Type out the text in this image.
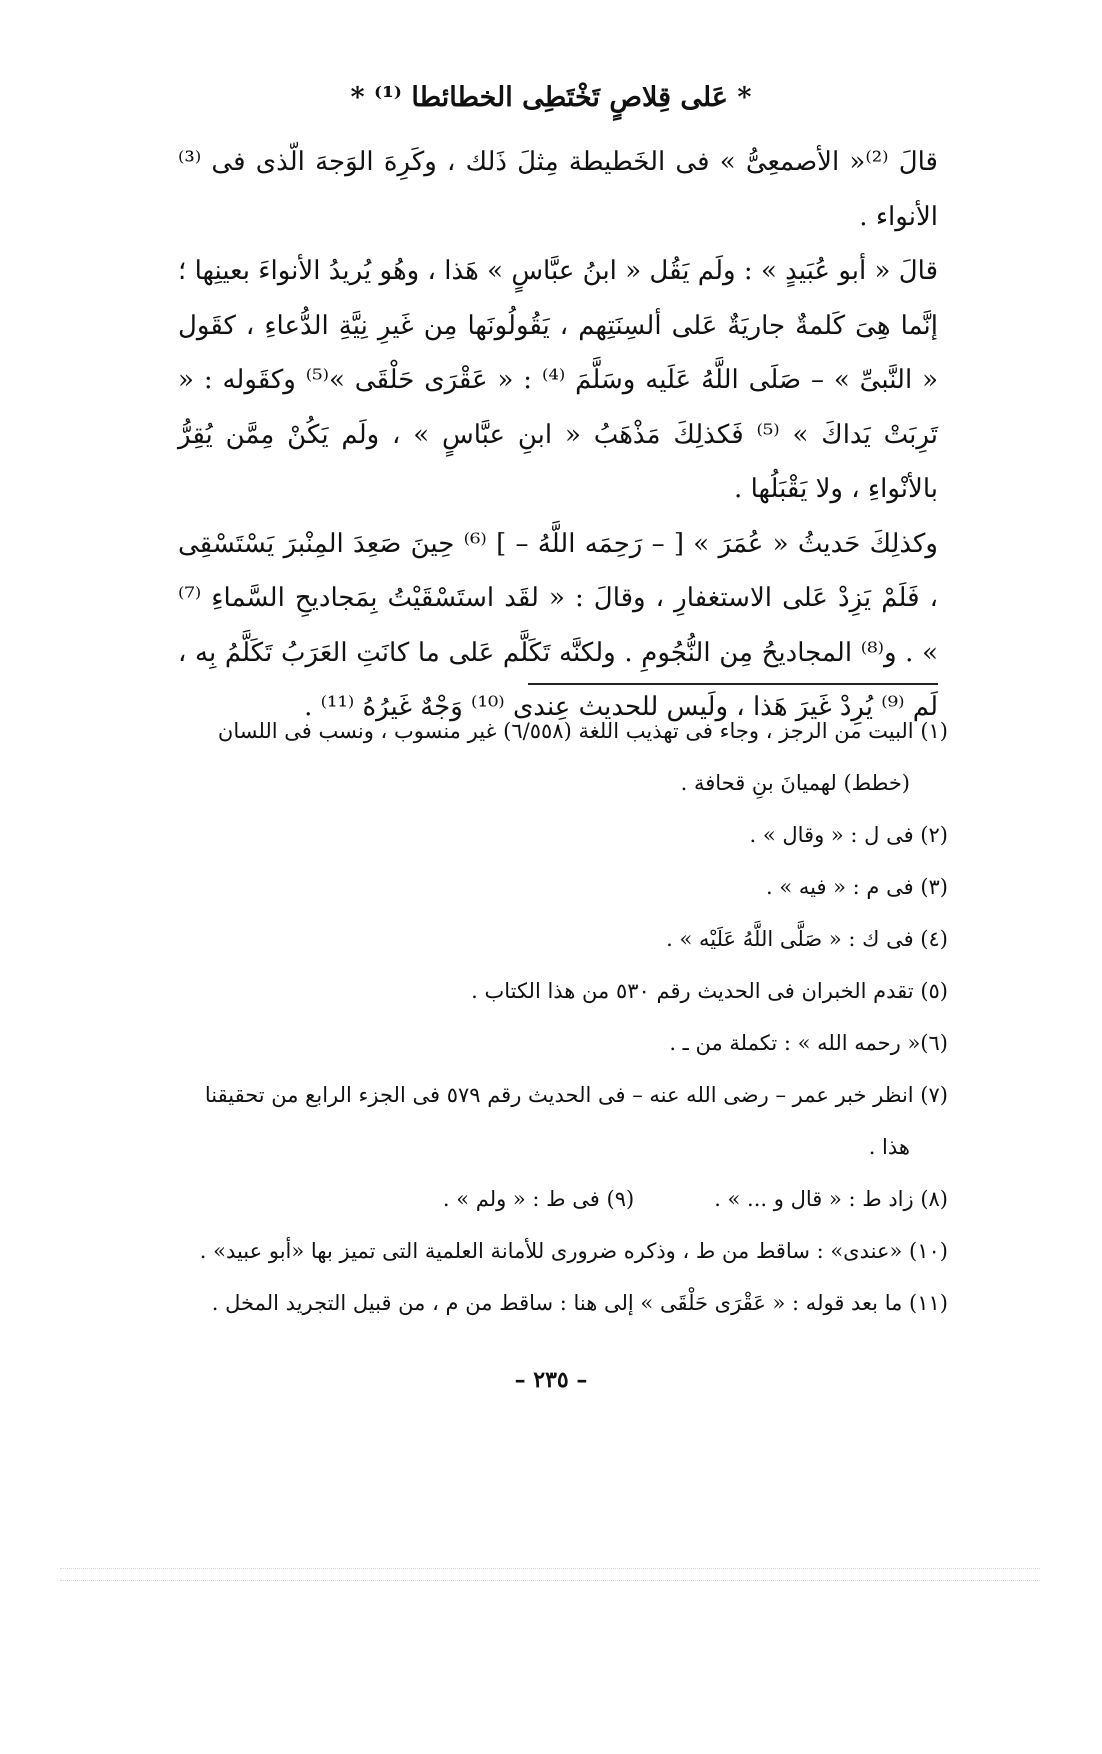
* عَلى قِلاصٍ تَخْتَطِى الخطائطا ⁽¹⁾ *

قالَ ⁽²⁾« الأصمعِىُّ » فى الخَطيطة مِثلَ ذَلك ، وكَرِهَ الوَجهَ الّذى فى ⁽³⁾ الأنواء .

قالَ « أبو عُبَيدٍ » : ولَم يَقُل « ابنُ عبَّاسٍ » هَذا ، وهُو يُريدُ الأنواءَ بعينِها ؛ إنَّما هِىَ كَلمةٌ جاريَةٌ عَلى ألسِنَتِهم ، يَقُولُونَها مِن غَيرِ نِيَّةِ الدُّعاءِ ، كقَول « النَّبىِّ » – صَلَى اللَّهُ عَلَيه وسَلَّمَ ⁽⁴⁾ : « عَقْرَى حَلْقَى »⁽⁵⁾ وكقَوله : « تَرِبَتْ يَداكَ » ⁽⁵⁾ فَكذلِكَ مَذْهَبُ « ابنِ عبَّاسٍ » ، ولَم يَكُنْ مِمَّن يُقِرُّ بالأنْواءِ ، ولا يَقْبَلُها .

وكذلِكَ حَديثُ « عُمَرَ » [ – رَحِمَه اللَّهُ – ] ⁽⁶⁾ حِينَ صَعِدَ المِنْبرَ يَسْتَسْقِى ، فَلَمْ يَزِدْ عَلى الاستغفارِ ، وقالَ : « لقَد استَسْقَيْتُ بِمَجاديحِ السَّماءِ ⁽⁷⁾ » . و⁽⁸⁾ المجاديحُ مِن النُّجُومِ . ولكنَّه تَكَلَّم عَلى ما كانَتِ العَرَبُ تَكَلَّمُ بِه ، لَم ⁽⁹⁾ يُرِدْ غَيرَ هَذا ، ولَيس للحديث عِندى ⁽¹⁰⁾ وَجْهٌ غَيرُهُ ⁽¹¹⁾ .

(١) البيت من الرجز ، وجاء فى تهذيب اللغة (٦/٥٥٨) غير منسوب ، ونسب فى اللسان

(خطط) لهميانَ بنِ قحافة .

(٢) فى ل : « وقال » .

(٣) فى م : « فيه » .

(٤) فى ك : « صَلَّى اللَّهُ عَلَيْه » .

(٥) تقدم الخبران فى الحديث رقم ٥٣٠ من هذا الكتاب .

(٦)« رحمه الله » : تكملة من ـ .

(٧) انظر خبر عمر – رضى الله عنه – فى الحديث رقم ٥٧٩ فى الجزء الرابع من تحقيقنا

هذا .

(٨) زاد ط : « قال و ... » .
(٩) فى ط : « ولم » .

(١٠) «عندى» : ساقط من ط ، وذكره ضرورى للأمانة العلمية التى تميز بها «أبو عبيد» .

(١١) ما بعد قوله : « عَقْرَى حَلْقَى » إلى هنا : ساقط من م ، من قبيل التجريد المخل .

– ٢٣٥ –
